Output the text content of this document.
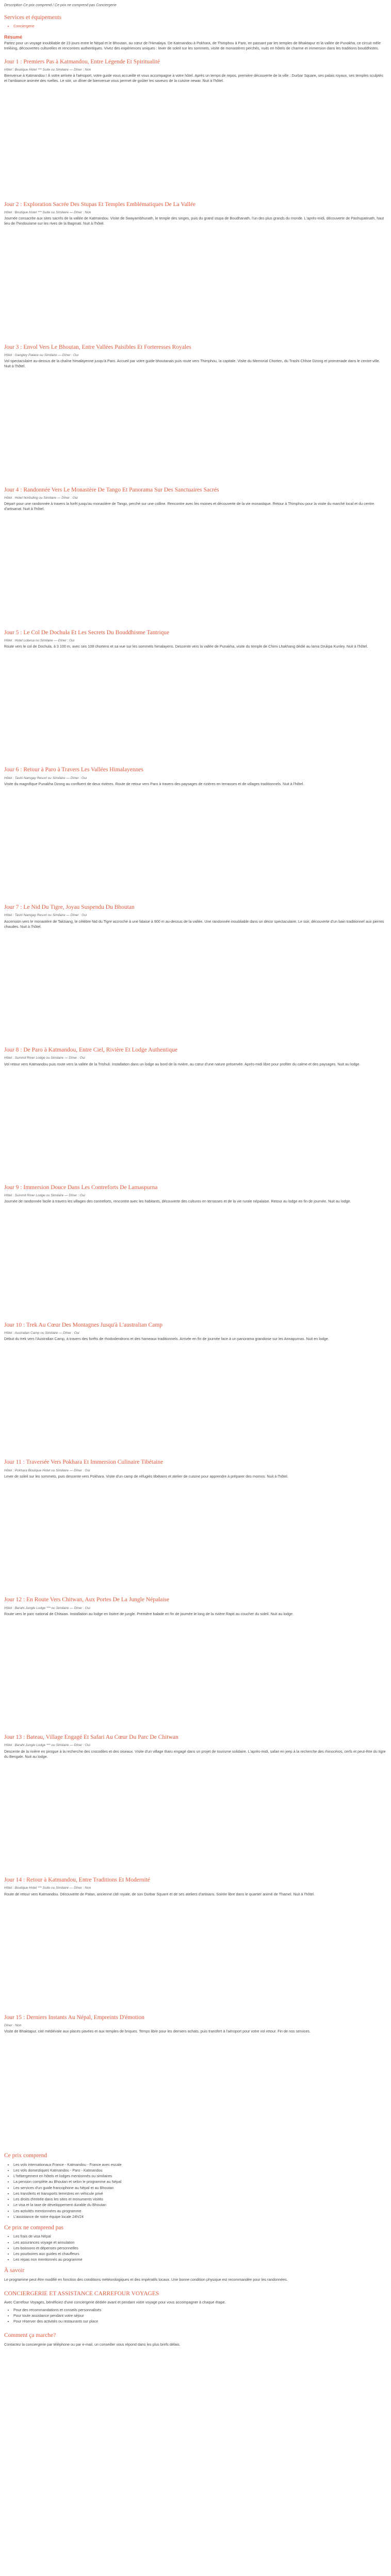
Description Ce prix comprend / Ce prix ne comprend pas Conciergerie
Services et équipements
• Conciergerie
Résumé

Partez pour un voyage inoubliable de 23 jours entre le Népal et le Bhoutan, au cœur de l'Himalaya. De Katmandou à Pokhara, de Thimphou à Paro, en passant par les temples de Bhaktapur et la vallée de Punakha, ce circuit mêle trekking, découvertes culturelles et rencontres authentiques. Vivez des expériences uniques : lever de soleil sur les sommets, visite de monastères perchés, nuits en hôtels de charme et immersion dans les traditions bouddhistes.

Jour 1 : Premiers Pas à Katmandou, Entre Légende Et Spiritualité
Hôtel : Boutique Hotel *** Suite ou Similaire — Dîner : Non

Bienvenue à Katmandou ! À votre arrivée à l'aéroport, votre guide vous accueille et vous accompagne à votre hôtel. Après un temps de repos, première découverte de la ville : Durbar Square, ses palais royaux, ses temples sculptés et l'ambiance animée des ruelles. Le soir, un dîner de bienvenue vous permet de goûter les saveurs de la cuisine newar. Nuit à l'hôtel.

Jour 2 : Exploration Sacrée Des Stupas Et Temples Emblématiques De La Vallée
Hôtel : Boutique Hotel *** Suite ou Similaire — Dîner : Non

Journée consacrée aux sites sacrés de la vallée de Katmandou. Visite de Swayambhunath, le temple des singes, puis du grand stupa de Boudhanath, l'un des plus grands du monde. L'après-midi, découverte de Pashupatinath, haut lieu de l'hindouisme sur les rives de la Bagmati. Nuit à l'hôtel.

Jour 3 : Envol Vers Le Bhoutan, Entre Vallées Paisibles Et Forteresses Royales
Hôtel : Gangtey Palace ou Similaire — Dîner : Oui

Vol spectaculaire au-dessus de la chaîne himalayenne jusqu'à Paro. Accueil par votre guide bhoutanais puis route vers Thimphou, la capitale. Visite du Memorial Chorten, du Trashi Chhoe Dzong et promenade dans le centre-ville. Nuit à l'hôtel.

Jour 4 : Randonnée Vers Le Monastère De Tango Et Panorama Sur Des Sanctuaires Sacrés
Hôtel : Hotel Norbuling ou Similaire — Dîner : Oui

Départ pour une randonnée à travers la forêt jusqu'au monastère de Tango, perché sur une colline. Rencontre avec les moines et découverte de la vie monastique. Retour à Thimphou pour la visite du marché local et du centre d'artisanat. Nuit à l'hôtel.

Jour 5 : Le Col De Dochula Et Les Secrets Du Bouddhisme Tantrique
Hôtel : Hotel Lobesa ou Similaire — Dîner : Oui

Route vers le col de Dochula, à 3 100 m, avec ses 108 chortens et sa vue sur les sommets himalayens. Descente vers la vallée de Punakha, visite du temple de Chimi Lhakhang dédié au lama Drukpa Kunley. Nuit à l'hôtel.

Jour 6 : Retour à Paro à Travers Les Vallées Himalayennes
Hôtel : Tashi Namgay Resort ou Similaire — Dîner : Oui

Visite du magnifique Punakha Dzong au confluent de deux rivières. Route de retour vers Paro à travers des paysages de rizières en terrasses et de villages traditionnels. Nuit à l'hôtel.

Jour 7 : Le Nid Du Tigre, Joyau Suspendu Du Bhoutan
Hôtel : Tashi Namgay Resort ou Similaire — Dîner : Oui

Ascension vers le monastère de Taktsang, le célèbre Nid du Tigre accroché à une falaise à 900 m au-dessus de la vallée. Une randonnée inoubliable dans un décor spectaculaire. Le soir, découverte d'un bain traditionnel aux pierres chaudes. Nuit à l'hôtel.

Jour 8 : De Paro à Katmandou, Entre Ciel, Rivière Et Lodge Authentique
Hôtel : Summit River Lodge ou Similaire — Dîner : Oui

Vol retour vers Katmandou puis route vers la vallée de la Trishuli. Installation dans un lodge au bord de la rivière, au cœur d'une nature préservée. Après-midi libre pour profiter du calme et des paysages. Nuit au lodge.

Jour 9 : Immersion Douce Dans Les Contreforts De Lamaspurna
Hôtel : Summit River Lodge ou Similaire — Dîner : Oui

Journée de randonnée facile à travers les villages des contreforts, rencontre avec les habitants, découverte des cultures en terrasses et de la vie rurale népalaise. Retour au lodge en fin de journée. Nuit au lodge.

Jour 10 : Trek Au Cœur Des Montagnes Jusqu'à L'australian Camp
Hôtel : Australian Camp ou Similaire — Dîner : Oui

Début du trek vers l'Australian Camp, à travers des forêts de rhododendrons et des hameaux traditionnels. Arrivée en fin de journée face à un panorama grandiose sur les Annapurnas. Nuit en lodge.

Jour 11 : Traversée Vers Pokhara Et Immersion Culinaire Tibétaine
Hôtel : Pokhara Boutique Hotel ou Similaire — Dîner : Oui

Lever de soleil sur les sommets, puis descente vers Pokhara. Visite d'un camp de réfugiés tibétains et atelier de cuisine pour apprendre à préparer des momos. Nuit à l'hôtel.

Jour 12 : En Route Vers Chitwan, Aux Portes De La Jungle Népalaise
Hôtel : Barahi Jungle Lodge *** ou Similaire — Dîner : Oui

Route vers le parc national de Chitwan. Installation au lodge en lisière de jungle. Première balade en fin de journée le long de la rivière Rapti au coucher du soleil. Nuit au lodge.

Jour 13 : Bateau, Village Engagé Et Safari Au Cœur Du Parc De Chitwan
Hôtel : Barahi Jungle Lodge *** ou Similaire — Dîner : Oui

Descente de la rivière en pirogue à la recherche des crocodiles et des oiseaux. Visite d'un village tharu engagé dans un projet de tourisme solidaire. L'après-midi, safari en jeep à la recherche des rhinocéros, cerfs et peut-être du tigre du Bengale. Nuit au lodge.

Jour 14 : Retour à Katmandou, Entre Traditions Et Modernité
Hôtel : Boutique Hotel *** Suite ou Similaire — Dîner : Non

Route de retour vers Katmandou. Découverte de Patan, ancienne cité royale, de son Durbar Square et de ses ateliers d'artisans. Soirée libre dans le quartier animé de Thamel. Nuit à l'hôtel.

Jour 15 : Derniers Instants Au Népal, Empreints D'émotion
Dîner : Non

Visite de Bhaktapur, cité médiévale aux places pavées et aux temples de briques. Temps libre pour les derniers achats, puis transfert à l'aéroport pour votre vol retour. Fin de nos services.

Ce prix comprend
• Les vols internationaux France - Katmandou - France avec escale
• Les vols domestiques Katmandou - Paro - Katmandou
• L'hébergement en hôtels et lodges mentionnés ou similaires
• La pension complète au Bhoutan et selon le programme au Népal
• Les services d'un guide francophone au Népal et au Bhoutan
• Les transferts et transports terrestres en véhicule privé
• Les droits d'entrée dans les sites et monuments visités
• Le visa et la taxe de développement durable du Bhoutan
• Les activités mentionnées au programme
• L'assistance de notre équipe locale 24h/24
Ce prix ne comprend pas
• Les frais de visa Népal
• Les assurances voyage et annulation
• Les boissons et dépenses personnelles
• Les pourboires aux guides et chauffeurs
• Les repas non mentionnés au programme
À savoir

Le programme peut être modifié en fonction des conditions météorologiques et des impératifs locaux. Une bonne condition physique est recommandée pour les randonnées.

CONCIERGERIE ET ASSISTANCE CARREFOUR VOYAGES

Avec Carrefour Voyages, bénéficiez d'une conciergerie dédiée avant et pendant votre voyage pour vous accompagner à chaque étape.

• Pour des recommandations et conseils personnalisés
• Pour toute assistance pendant votre séjour
• Pour réserver des activités ou restaurants sur place
Comment ça marche?

Contactez la conciergerie par téléphone ou par e-mail, un conseiller vous répond dans les plus brefs délais.
